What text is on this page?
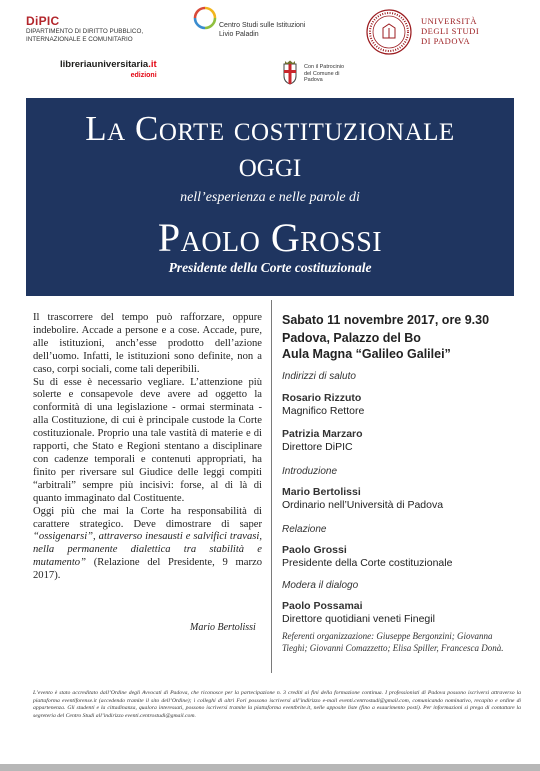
DiPIC
DIPARTIMENTO DI DIRITTO PUBBLICO,
INTERNAZIONALE E COMUNITARIO
libreriauniversitaria.it
edizioni
Centro Studi sulle Istituzioni
Livio Paladin
UNIVERSITÀ
DEGLI STUDI
DI PADOVA
Con il Patrocinio
del Comune di
Padova
La Corte costituzionale
oggi
nell’esperienza e nelle parole di
Paolo Grossi
Presidente della Corte costituzionale

Il trascorrere del tempo può rafforzare, oppure indebolire. Accade a persone e a cose. Accade, pure, alle istituzioni, anch’esse prodotto dell’azione dell’uomo. Infatti, le istituzioni sono definite, non a caso, corpi sociali, come tali deperibili.

Su di esse è necessario vegliare. L’attenzione più solerte e consapevole deve avere ad oggetto la conformità di una legislazione - ormai sterminata - alla Costituzione, di cui è principale custode la Corte costituzionale. Proprio una tale vastità di materie e di rapporti, che Stato e Regioni stentano a disciplinare con cadenze temporali e contenuti appropriati, ha finito per riversare sul Giudice delle leggi compiti “arbitrali” sempre più incisivi: forse, al di là di quanto immaginato dal Costituente.

Oggi più che mai la Corte ha responsabilità di carattere strategico. Deve dimostrare di saper “ossigenarsi”, attraverso inesausti e salvifici travasi, nella permanente dialettica tra stabilità e mutamento” (Relazione del Presidente, 9 marzo 2017).

Mario Bertolissi
Sabato 11 novembre 2017, ore 9.30
Padova, Palazzo del Bo
Aula Magna “Galileo Galilei”
Indirizzi di saluto
Rosario Rizzuto
Magnifico Rettore
Patrizia Marzaro
Direttore DiPIC
Introduzione
Mario Bertolissi
Ordinario nell’Università di Padova
Relazione
Paolo Grossi
Presidente della Corte costituzionale
Modera il dialogo
Paolo Possamai
Direttore quotidiani veneti Finegil
Referenti organizzazione: Giuseppe Bergonzini; Giovanna Tieghi; Giovanni Comazzetto; Elisa Spiller, Francesca Donà.
L’evento è stato accreditato dall’Ordine degli Avvocati di Padova, che riconosce per la partecipazione n. 3 crediti ai fini della formazione continua. I professionisti di Padova possono iscriversi attraverso la piattaforma eventiforense.it (accedendo tramite il sito dell’Ordine); i colleghi di altri Fori possono iscriversi all’indirizzo e-mail eventi.centrostudi@gmail.com, comunicando nominativo, recapito e ordine di appartenenza. Gli studenti e la cittadinanza, qualora interessati, possono iscriversi tramite la piattaforma eventbrite.it, nelle apposite liste (fino a esaurimento posti). Per informazioni si prega di contattare la segreteria del Centro Studi all’indirizzo eventi.centrostudi@gmail.com.
